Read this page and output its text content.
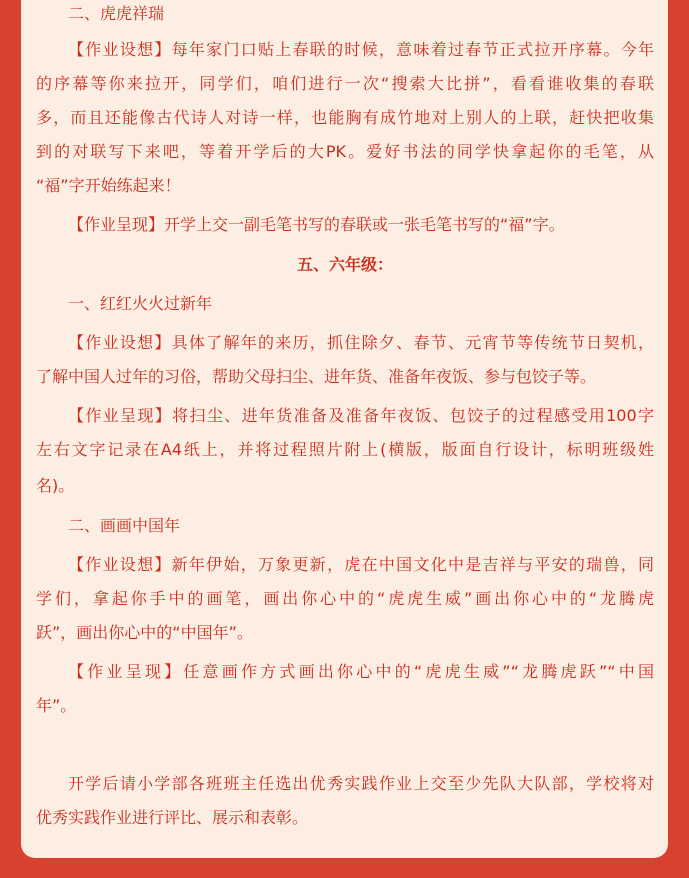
二、虎虎祥瑞
【作业设想】每年家门口贴上春联的时候，意味着过春节正式拉开序幕。今年
的序幕等你来拉开，同学们，咱们进行一次“搜索大比拼”，看看谁收集的春联
多，而且还能像古代诗人对诗一样，也能胸有成竹地对上别人的上联，赶快把收集
到的对联写下来吧，等着开学后的大PK。爱好书法的同学快拿起你的毛笔，从
“福”字开始练起来！
【作业呈现】开学上交一副毛笔书写的春联或一张毛笔书写的“福”字。
五、六年级：
一、红红火火过新年
【作业设想】具体了解年的来历，抓住除夕、春节、元宵节等传统节日契机，
了解中国人过年的习俗，帮助父母扫尘、进年货、准备年夜饭、参与包饺子等。
【作业呈现】将扫尘、进年货准备及准备年夜饭、包饺子的过程感受用100字
左右文字记录在A4纸上，并将过程照片附上(横版，版面自行设计，标明班级姓
名)。
二、画画中国年
【作业设想】新年伊始，万象更新，虎在中国文化中是吉祥与平安的瑞兽，同
学们，拿起你手中的画笔，画出你心中的“虎虎生威”画出你心中的“龙腾虎
跃”，画出你心中的“中国年”。
【作业呈现】任意画作方式画出你心中的“虎虎生威”“龙腾虎跃”“中国
年”。
开学后请小学部各班班主任选出优秀实践作业上交至少先队大队部，学校将对
优秀实践作业进行评比、展示和表彰。
